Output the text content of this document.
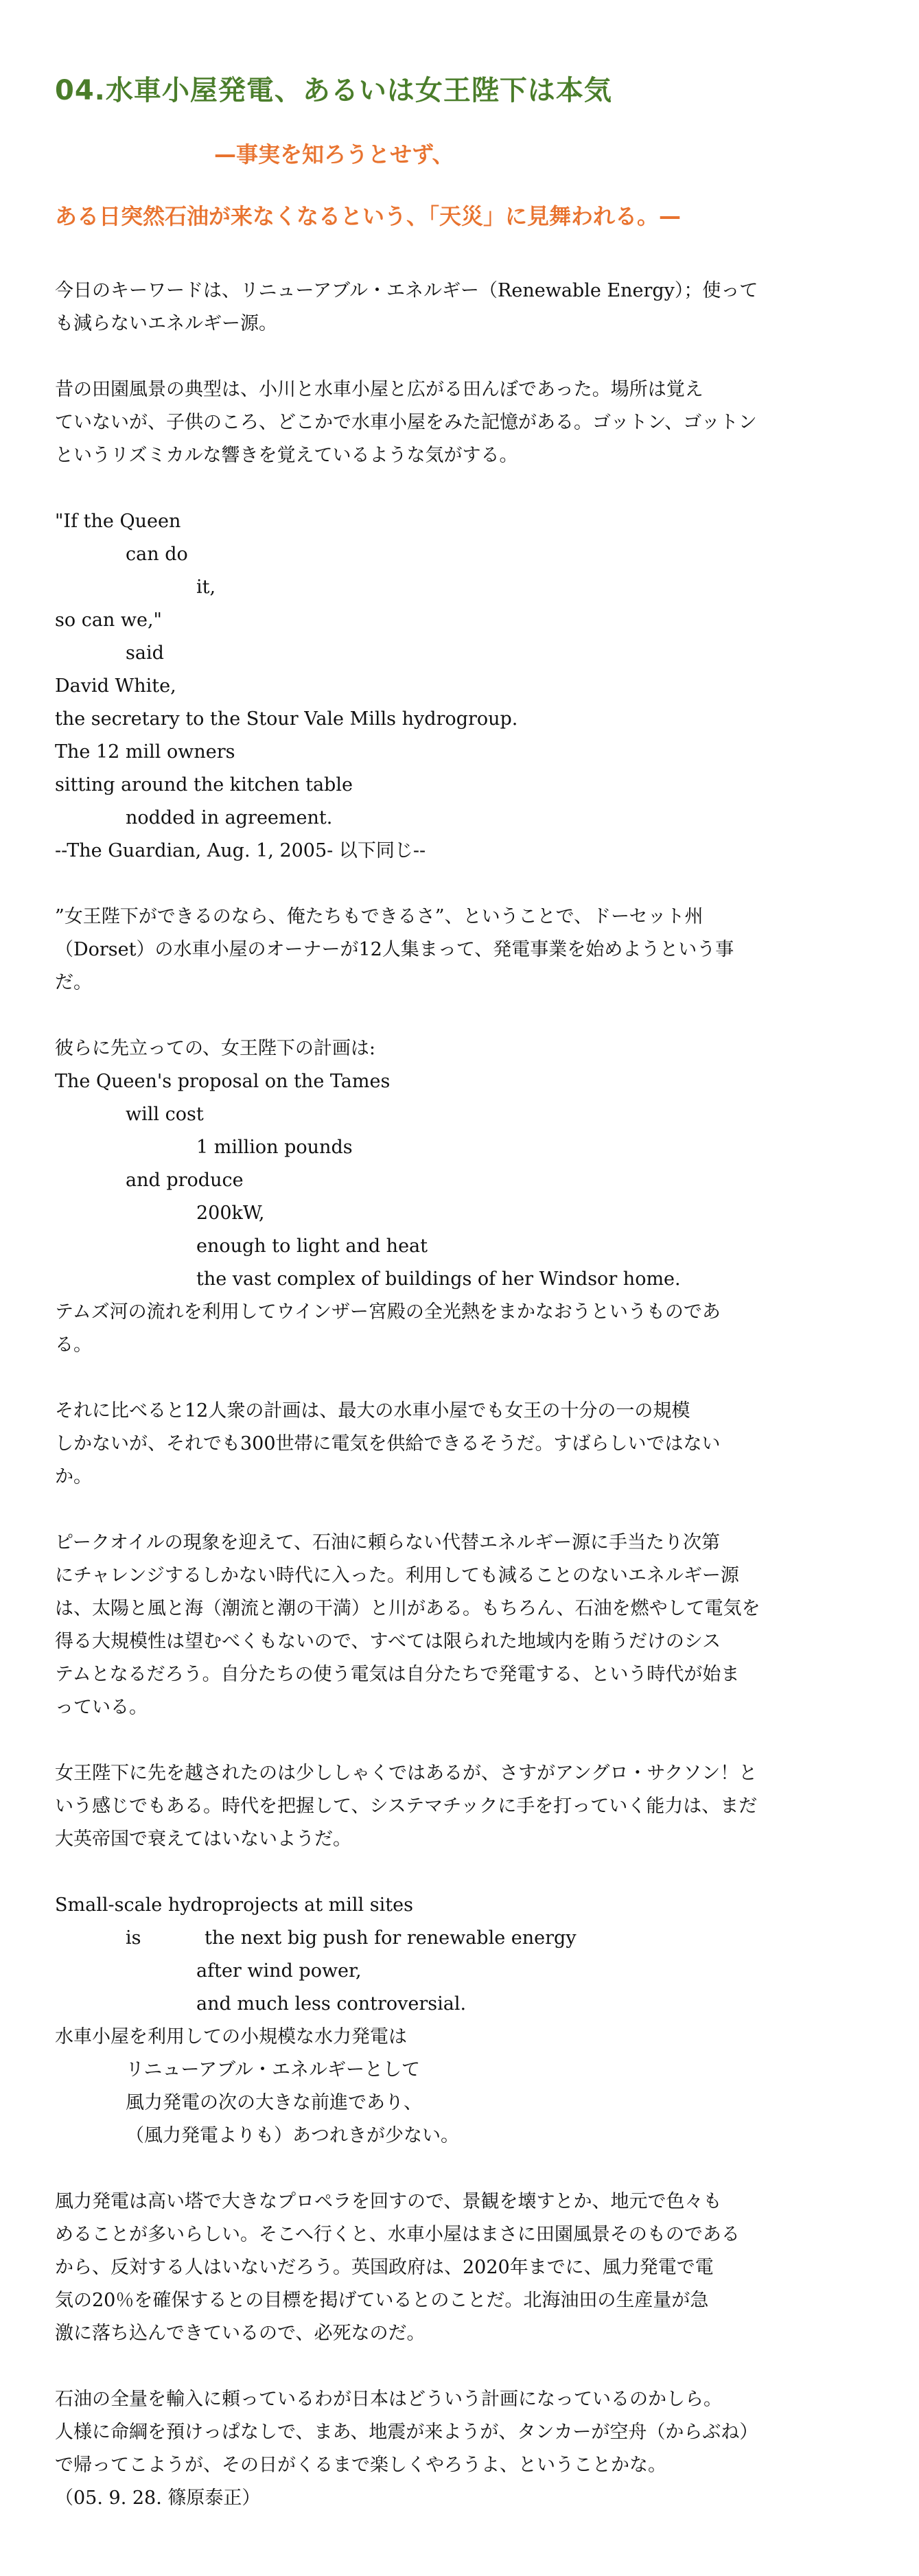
04.水車小屋発電、あるいは女王陛下は本気
—事実を知ろうとせず、
ある日突然石油が来なくなるという、「天災」に見舞われる。—
今日のキーワードは、リニューアブル・エネルギー（Renewable Energy）；使って
も減らないエネルギー源。
昔の田園風景の典型は、小川と水車小屋と広がる田んぼであった。場所は覚え
ていないが、子供のころ、どこかで水車小屋をみた記憶がある。ゴットン、ゴットン
というリズミカルな響きを覚えているような気がする。
"If the Queen
can do
it,
so can we,"
said
David White,
the secretary to the Stour Vale Mills hydrogroup.
The 12 mill owners
sitting around the kitchen table
nodded in agreement.
--The Guardian, Aug. 1, 2005- 以下同じ--
”女王陛下ができるのなら、俺たちもできるさ”、ということで、ドーセット州
（Dorset）の水車小屋のオーナーが12人集まって、発電事業を始めようという事
だ。
彼らに先立っての、女王陛下の計画は:
The Queen's proposal on the Tames
will cost
1 million pounds
and produce
200kW,
enough to light and heat
the vast complex of buildings of her Windsor home.
テムズ河の流れを利用してウインザー宮殿の全光熱をまかなおうというものであ
る。
それに比べると12人衆の計画は、最大の水車小屋でも女王の十分の一の規模
しかないが、それでも300世帯に電気を供給できるそうだ。すばらしいではない
か。
ピークオイルの現象を迎えて、石油に頼らない代替エネルギー源に手当たり次第
にチャレンジするしかない時代に入った。利用しても減ることのないエネルギー源
は、太陽と風と海（潮流と潮の干満）と川がある。もちろん、石油を燃やして電気を
得る大規模性は望むべくもないので、すべては限られた地域内を賄うだけのシス
テムとなるだろう。自分たちの使う電気は自分たちで発電する、という時代が始ま
っている。
女王陛下に先を越されたのは少ししゃくではあるが、さすがアングロ・サクソン！と
いう感じでもある。時代を把握して、システマチックに手を打っていく能力は、まだ
大英帝国で衰えてはいないようだ。
Small-scale hydroprojects at mill sites
is	the next big push for renewable energy
after wind power,
and much less controversial.
水車小屋を利用しての小規模な水力発電は
リニューアブル・エネルギーとして
風力発電の次の大きな前進であり、
（風力発電よりも）あつれきが少ない。
風力発電は高い塔で大きなプロペラを回すので、景観を壊すとか、地元で色々も
めることが多いらしい。そこへ行くと、水車小屋はまさに田園風景そのものである
から、反対する人はいないだろう。英国政府は、2020年までに、風力発電で電
気の20％を確保するとの目標を掲げているとのことだ。北海油田の生産量が急
激に落ち込んできているので、必死なのだ。
石油の全量を輸入に頼っているわが日本はどういう計画になっているのかしら。
人様に命綱を預けっぱなしで、まあ、地震が来ようが、タンカーが空舟（からぶね）
で帰ってこようが、その日がくるまで楽しくやろうよ、ということかな。
（05. 9. 28. 篠原泰正）
